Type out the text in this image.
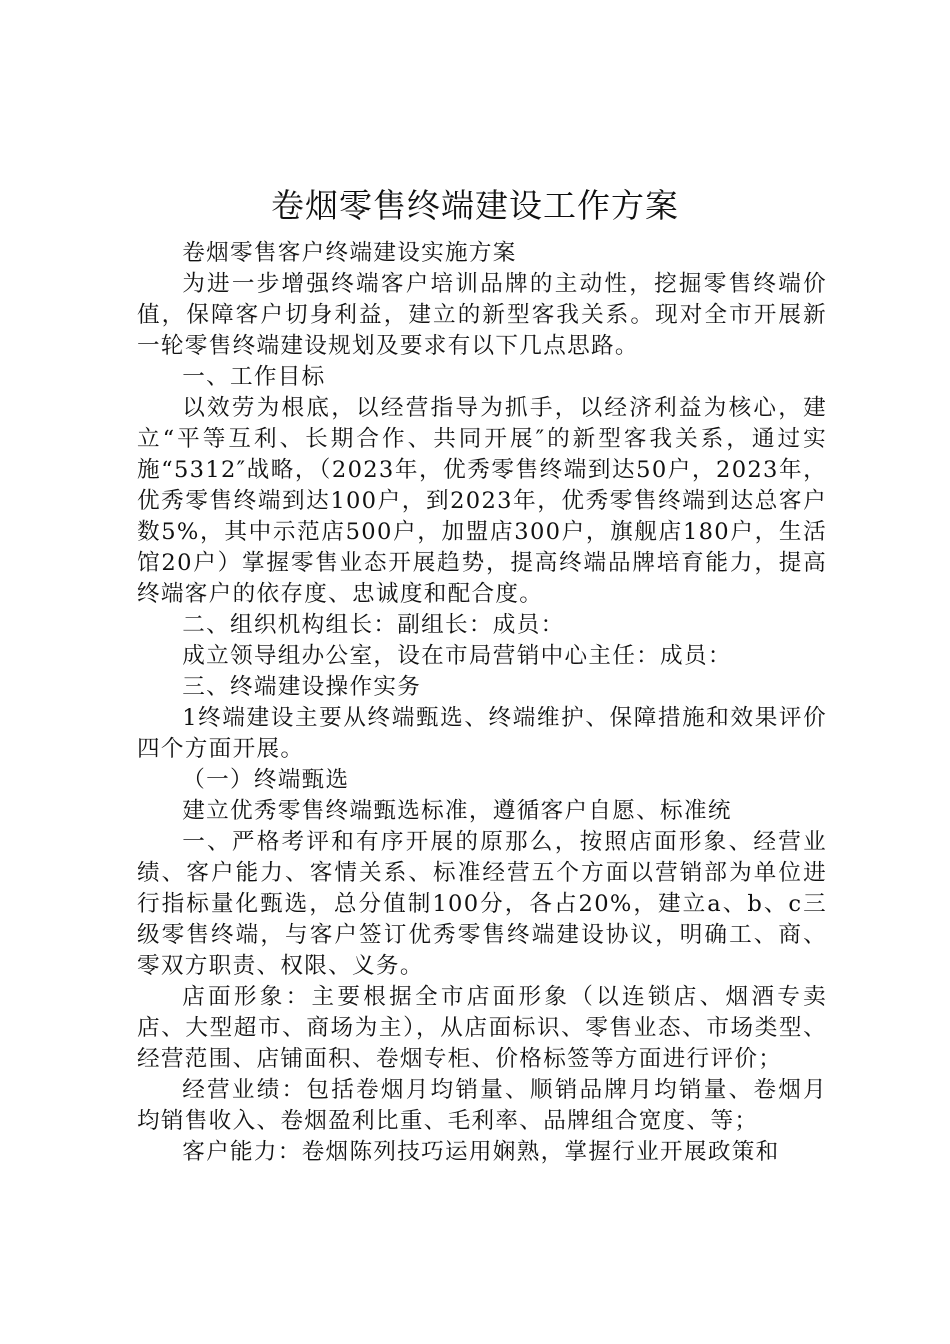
卷烟零售终端建设工作方案

卷烟零售客户终端建设实施方案

为进一步增强终端客户培训品牌的主动性，挖掘零售终端价值，保障客户切身利益，建立的新型客我关系。现对全市开展新一轮零售终端建设规划及要求有以下几点思路。

一、工作目标

以效劳为根底，以经营指导为抓手，以经济利益为核心，建立“平等互利、长期合作、共同开展″的新型客我关系，通过实施“5312″战略，（2023年，优秀零售终端到达50户，2023年，优秀零售终端到达100户，到2023年，优秀零售终端到达总客户数5%，其中示范店500户，加盟店300户，旗舰店180户，生活馆20户）掌握零售业态开展趋势，提高终端品牌培育能力，提高终端客户的依存度、忠诚度和配合度。

二、组织机构组长：副组长：成员：

成立领导组办公室，设在市局营销中心主任：成员：

三、终端建设操作实务

1终端建设主要从终端甄选、终端维护、保障措施和效果评价四个方面开展。

（一）终端甄选

建立优秀零售终端甄选标准，遵循客户自愿、标准统

一、严格考评和有序开展的原那么，按照店面形象、经营业绩、客户能力、客情关系、标准经营五个方面以营销部为单位进行指标量化甄选，总分值制100分，各占20%，建立a、b、c三级零售终端，与客户签订优秀零售终端建设协议，明确工、商、零双方职责、权限、义务。

店面形象：主要根据全市店面形象（以连锁店、烟酒专卖店、大型超市、商场为主），从店面标识、零售业态、市场类型、经营范围、店铺面积、卷烟专柜、价格标签等方面进行评价；

经营业绩：包括卷烟月均销量、顺销品牌月均销量、卷烟月均销售收入、卷烟盈利比重、毛利率、品牌组合宽度、等；

客户能力：卷烟陈列技巧运用娴熟，掌握行业开展政策和
